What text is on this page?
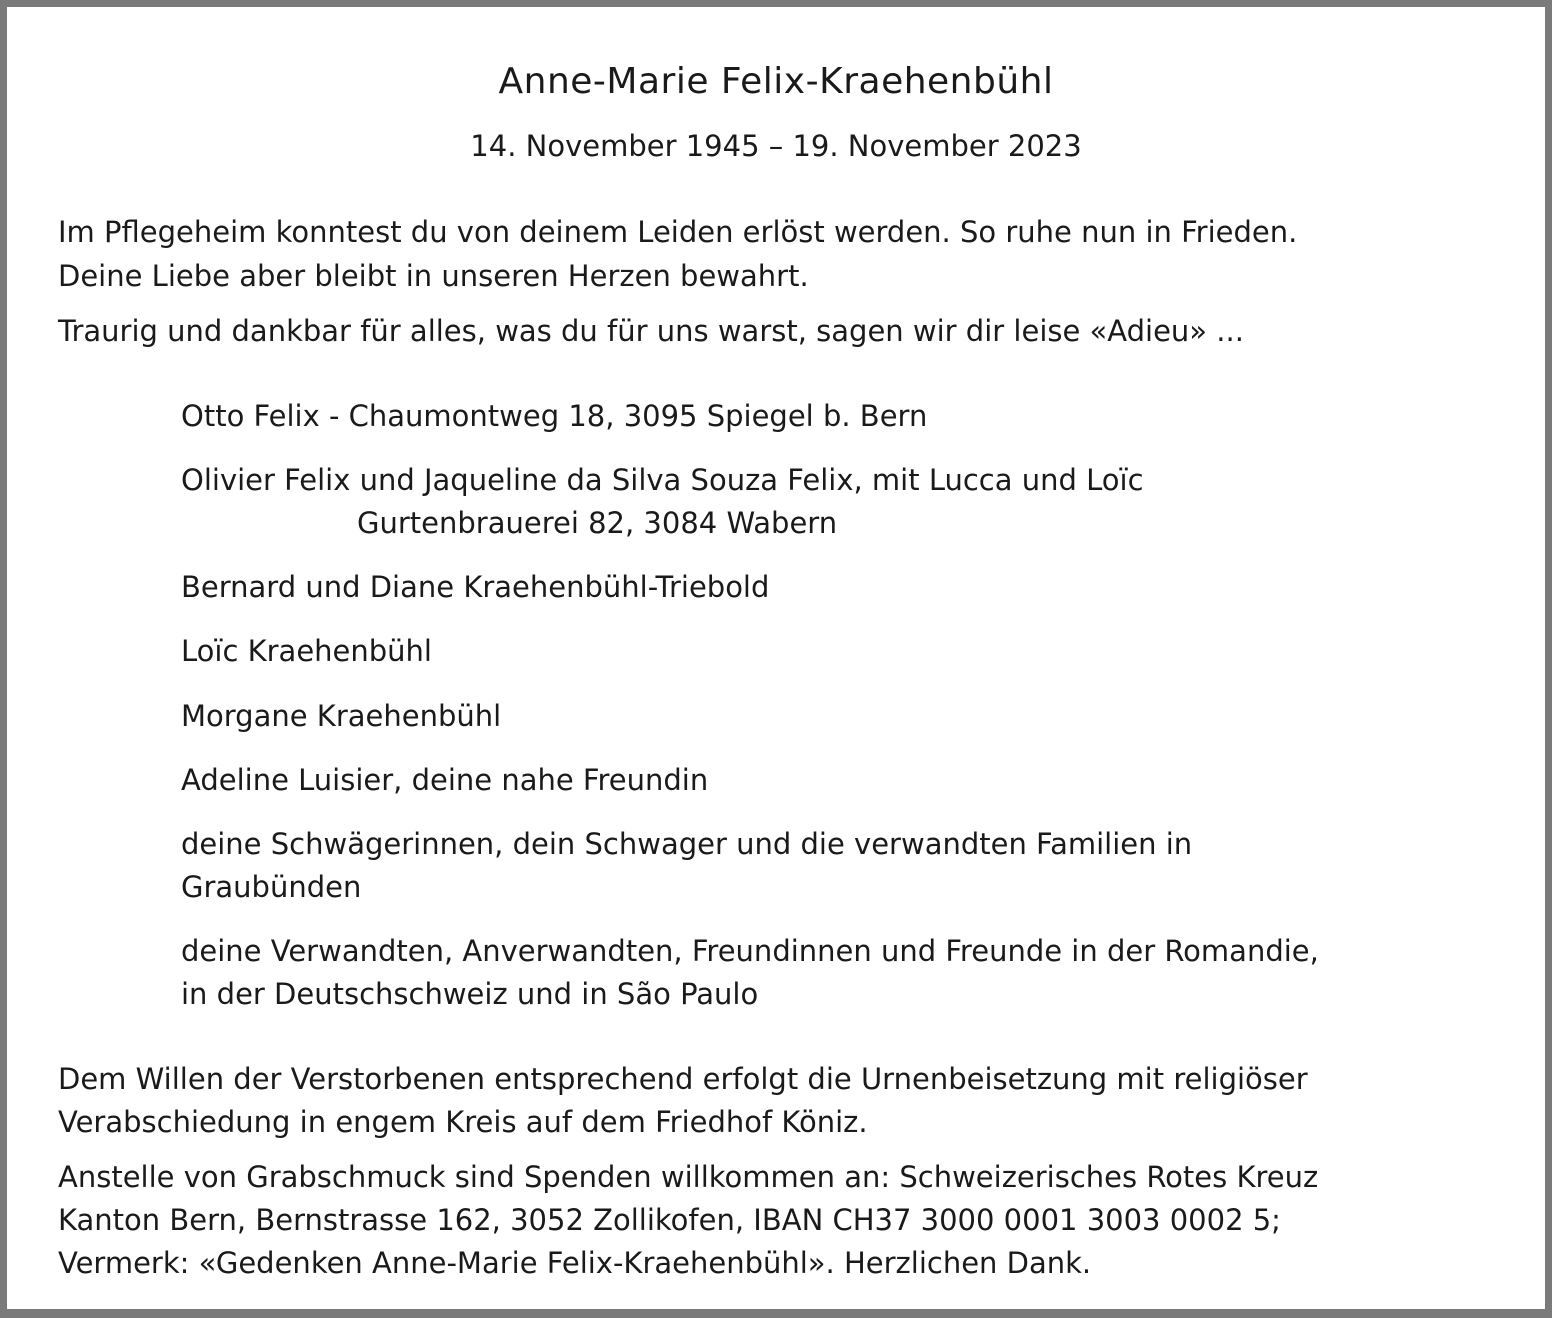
Anne-Marie Felix-Kraehenbühl
14. November 1945 – 19. November 2023
Im Pflegeheim konntest du von deinem Leiden erlöst werden. So ruhe nun in Frieden.
Deine Liebe aber bleibt in unseren Herzen bewahrt.
Traurig und dankbar für alles, was du für uns warst, sagen wir dir leise «Adieu» ...
Otto Felix - Chaumontweg 18, 3095 Spiegel b. Bern
Olivier Felix und Jaqueline da Silva Souza Felix, mit Lucca und Loïc
Gurtenbrauerei 82, 3084 Wabern
Bernard und Diane Kraehenbühl-Triebold
Loïc Kraehenbühl
Morgane Kraehenbühl
Adeline Luisier, deine nahe Freundin
deine Schwägerinnen, dein Schwager und die verwandten Familien in
Graubünden
deine Verwandten, Anverwandten, Freundinnen und Freunde in der Romandie,
in der Deutschschweiz und in São Paulo
Dem Willen der Verstorbenen entsprechend erfolgt die Urnenbeisetzung mit religiöser
Verabschiedung in engem Kreis auf dem Friedhof Köniz.
Anstelle von Grabschmuck sind Spenden willkommen an: Schweizerisches Rotes Kreuz
Kanton Bern, Bernstrasse 162, 3052 Zollikofen, IBAN CH37 3000 0001 3003 0002 5;
Vermerk: «Gedenken Anne-Marie Felix-Kraehenbühl». Herzlichen Dank.
